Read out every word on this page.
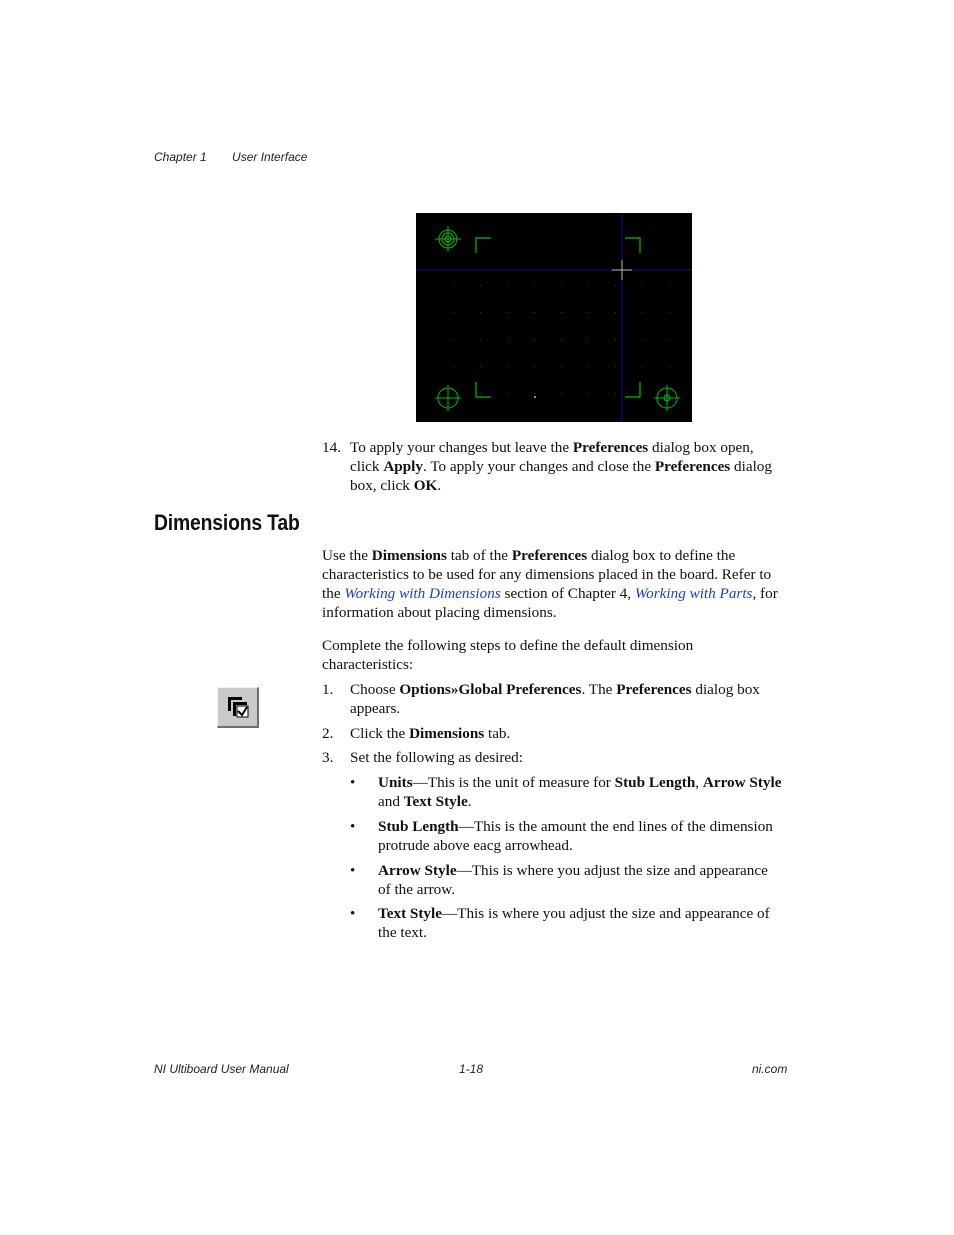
Chapter 1 User Interface
14. To apply your changes but leave the Preferences dialog box open, click Apply. To apply your changes and close the Preferences dialog box, click OK.
Dimensions Tab
Use the Dimensions tab of the Preferences dialog box to define the characteristics to be used for any dimensions placed in the board. Refer to the Working with Dimensions section of Chapter 4, Working with Parts, for information about placing dimensions.
Complete the following steps to define the default dimension characteristics:
1. Choose Options»Global Preferences. The Preferences dialog box appears.
2. Click the Dimensions tab.
3. Set the following as desired:
• Units—This is the unit of measure for Stub Length, Arrow Style and Text Style.
• Stub Length—This is the amount the end lines of the dimension protrude above eacg arrowhead.
• Arrow Style—This is where you adjust the size and appearance of the arrow.
• Text Style—This is where you adjust the size and appearance of the text.
NI Ultiboard User Manual	1-18	ni.com
